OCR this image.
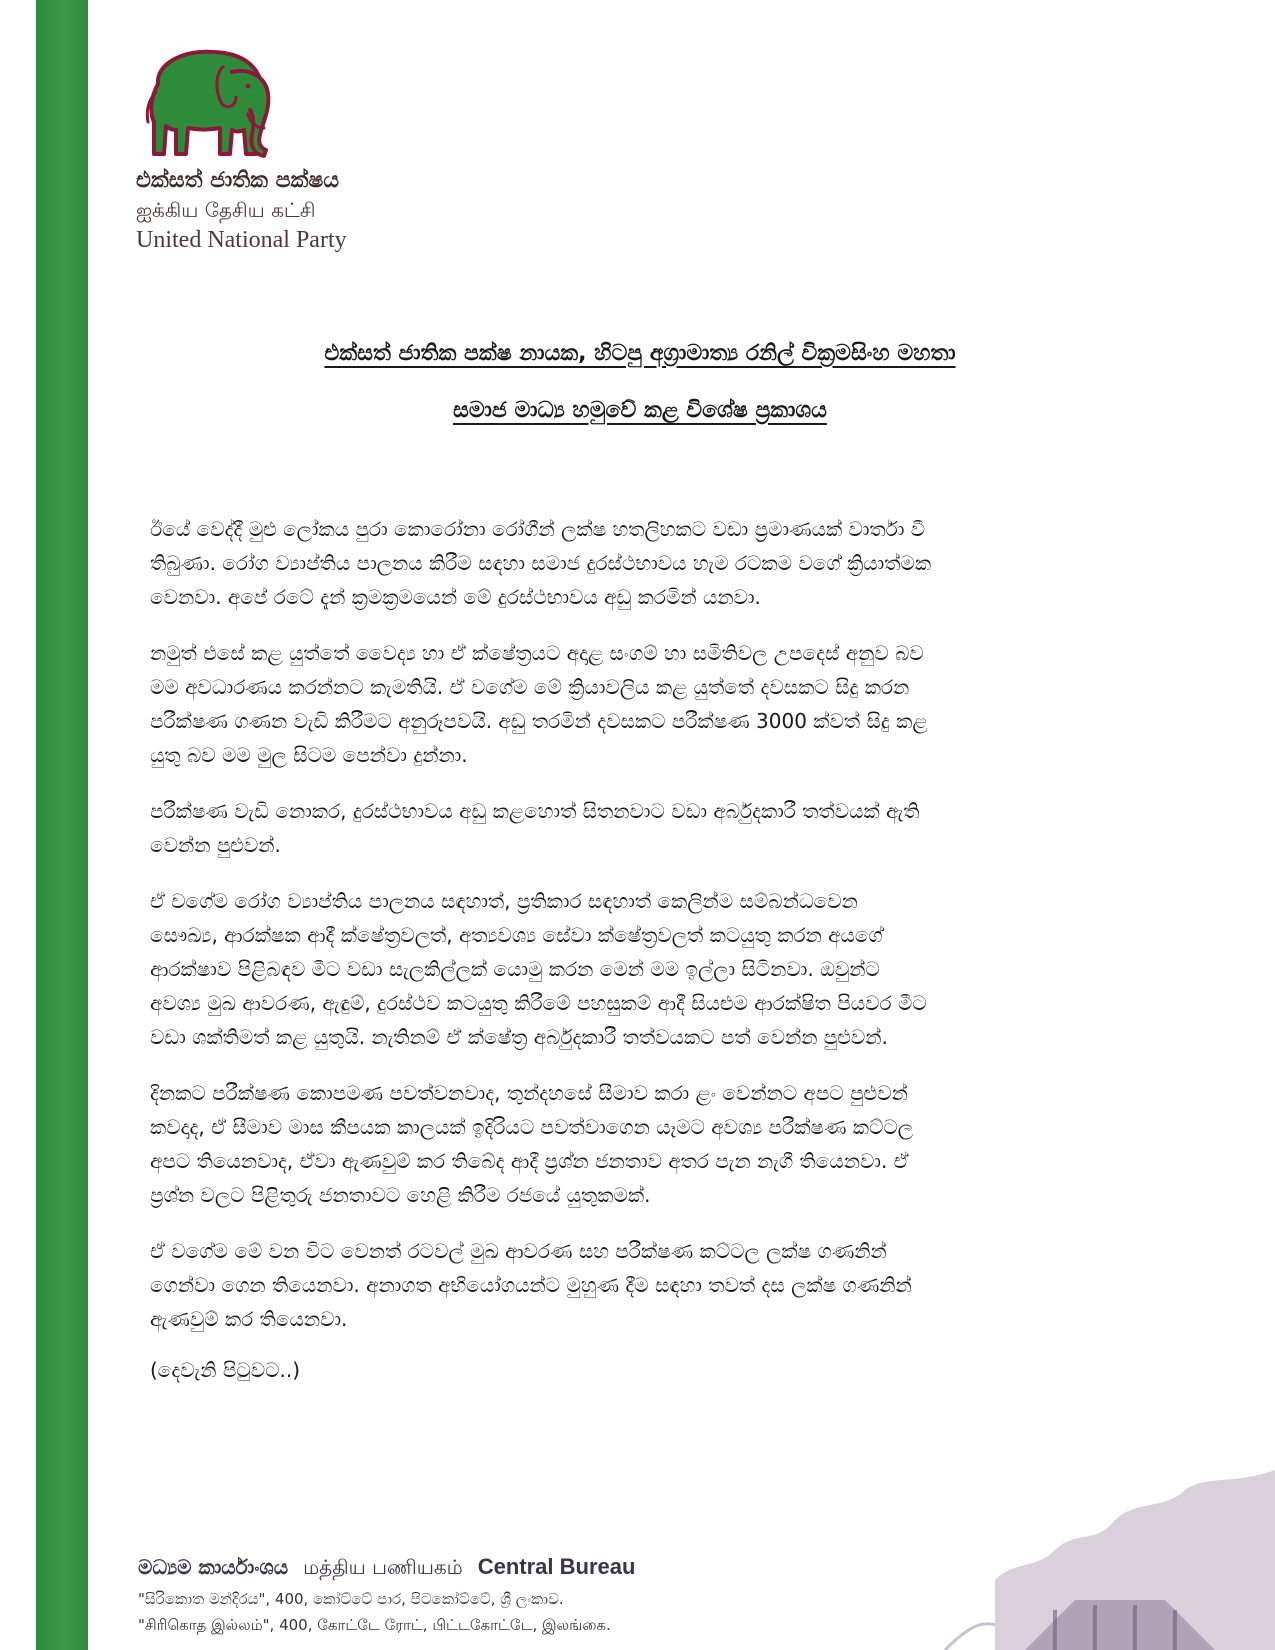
එක්සත් ජාතික පක්ෂය

ஐக்கிய தேசிய கட்சி

United National Party

එක්සත් ජාතික පක්ෂ නායක, හිටපු අග්‍රාමාත්‍ය රනිල් වික්‍රමසිංහ මහතා

සමාජ මාධ්‍ය හමුවේ කළ විශේෂ ප්‍රකාශය

ඊයේ වෙද්දී මුළු ලෝකය පුරා කොරෝනා රෝගීන් ලක්ෂ හතලිහකට වඩා ප්‍රමාණයක් වාර්තා වී
තිබුණා. රෝග ව්‍යාප්තිය පාලනය කිරීම සඳහා සමාජ දුරස්ථභාවය හැම රටකම වගේ ක්‍රියාත්මක
වෙනවා. අපේ රටේ දැන් ක්‍රමක්‍රමයෙන් මේ දුරස්ථභාවය අඩු කරමින් යනවා.

නමුත් එසේ කළ යුත්තේ වෛද්‍ය හා ඒ ක්ෂේත්‍රයට අදාළ සංගම් හා සමිතිවල උපදෙස් අනුව බව
මම අවධාරණය කරන්නට කැමතියි. ඒ වගේම මේ ක්‍රියාවලිය කළ යුත්තේ දවසකට සිදු කරන
පරීක්ෂණ ගණන වැඩි කිරීමට අනුරූපවයි. අඩු තරමින් දවසකට පරීක්ෂණ 3000 ක්වත් සිදු කළ
යුතු බව මම මුල සිටම පෙන්වා දුන්නා.

පරීක්ෂණ වැඩි නොකර, දුරස්ථභාවය අඩු කළහොත් සිතනවාට වඩා අර්බුදකාරී තත්වයක් ඇති
වෙන්න පුළුවන්.

ඒ වගේම රෝග ව්‍යාප්තිය පාලනය සඳහාත්, ප්‍රතිකාර සඳහාත් කෙලින්ම සම්බන්ධවෙන
සෞඛ්‍ය, ආරක්ෂක ආදී ක්ෂේත්‍රවලත්, අත්‍යවශ්‍ය සේවා ක්ෂේත්‍රවලත් කටයුතු කරන අයගේ
ආරක්ෂාව පිළිබඳව මීට වඩා සැලකිල්ලක් යොමු කරන මෙන් මම ඉල්ලා සිටිනවා. ඔවුන්ට
අවශ්‍ය මුඛ ආවරණ, ඇඳුම්, දුරස්ථව කටයුතු කිරීමේ පහසුකම් ආදී සියළුම ආරක්ෂිත පියවර මීට
වඩා ශක්තිමත් කළ යුතුයි. නැතිනම් ඒ ක්ෂේත්‍ර අර්බුදකාරී තත්වයකට පත් වෙන්න පුළුවන්.

දිනකට පරීක්ෂණ කොපමණ පවත්වනවාද, තුන්දහසේ සීමාව කරා ළං වෙන්නට අපට පුළුවන්
කවදාද, ඒ සීමාව මාස කීපයක කාලයක් ඉදිරියට පවත්වාගෙන යෑමට අවශ්‍ය පරීක්ෂණ කට්ටල
අපට තියෙනවාද, ඒවා ඇණවුම් කර තිබේද ආදී ප්‍රශ්න ජනතාව අතර පැන නැගී තියෙනවා. ඒ
ප්‍රශ්න වලට පිළිතුරු ජනතාවට හෙළි කිරීම රජයේ යුතුකමක්.

ඒ වගේම මේ වන විට වෙනත් රටවල් මුඛ ආවරණ සහ පරීක්ෂණ කට්ටල ලක්ෂ ගණනින්
ගෙන්වා ගෙන තියෙනවා. අනාගත අභියෝගයන්ට මුහුණ දීම සඳහා තවත් දස ලක්ෂ ගණනින්
ඇණවුම් කර තියෙනවා.

(දෙවැනි පිටුවට..)

මධ්‍යම කාර්යාංශය மத்திய பணியகம் Central Bureau
"සිරිකොත මන්දිරය", 400, කෝට්ටේ පාර, පිටකෝට්ටේ, ශ්‍රී ලංකාව.
"சிரிகொத இல்லம்", 400, கோட்டே ரோட், பிட்டகோட்டே, இலங்கை.
